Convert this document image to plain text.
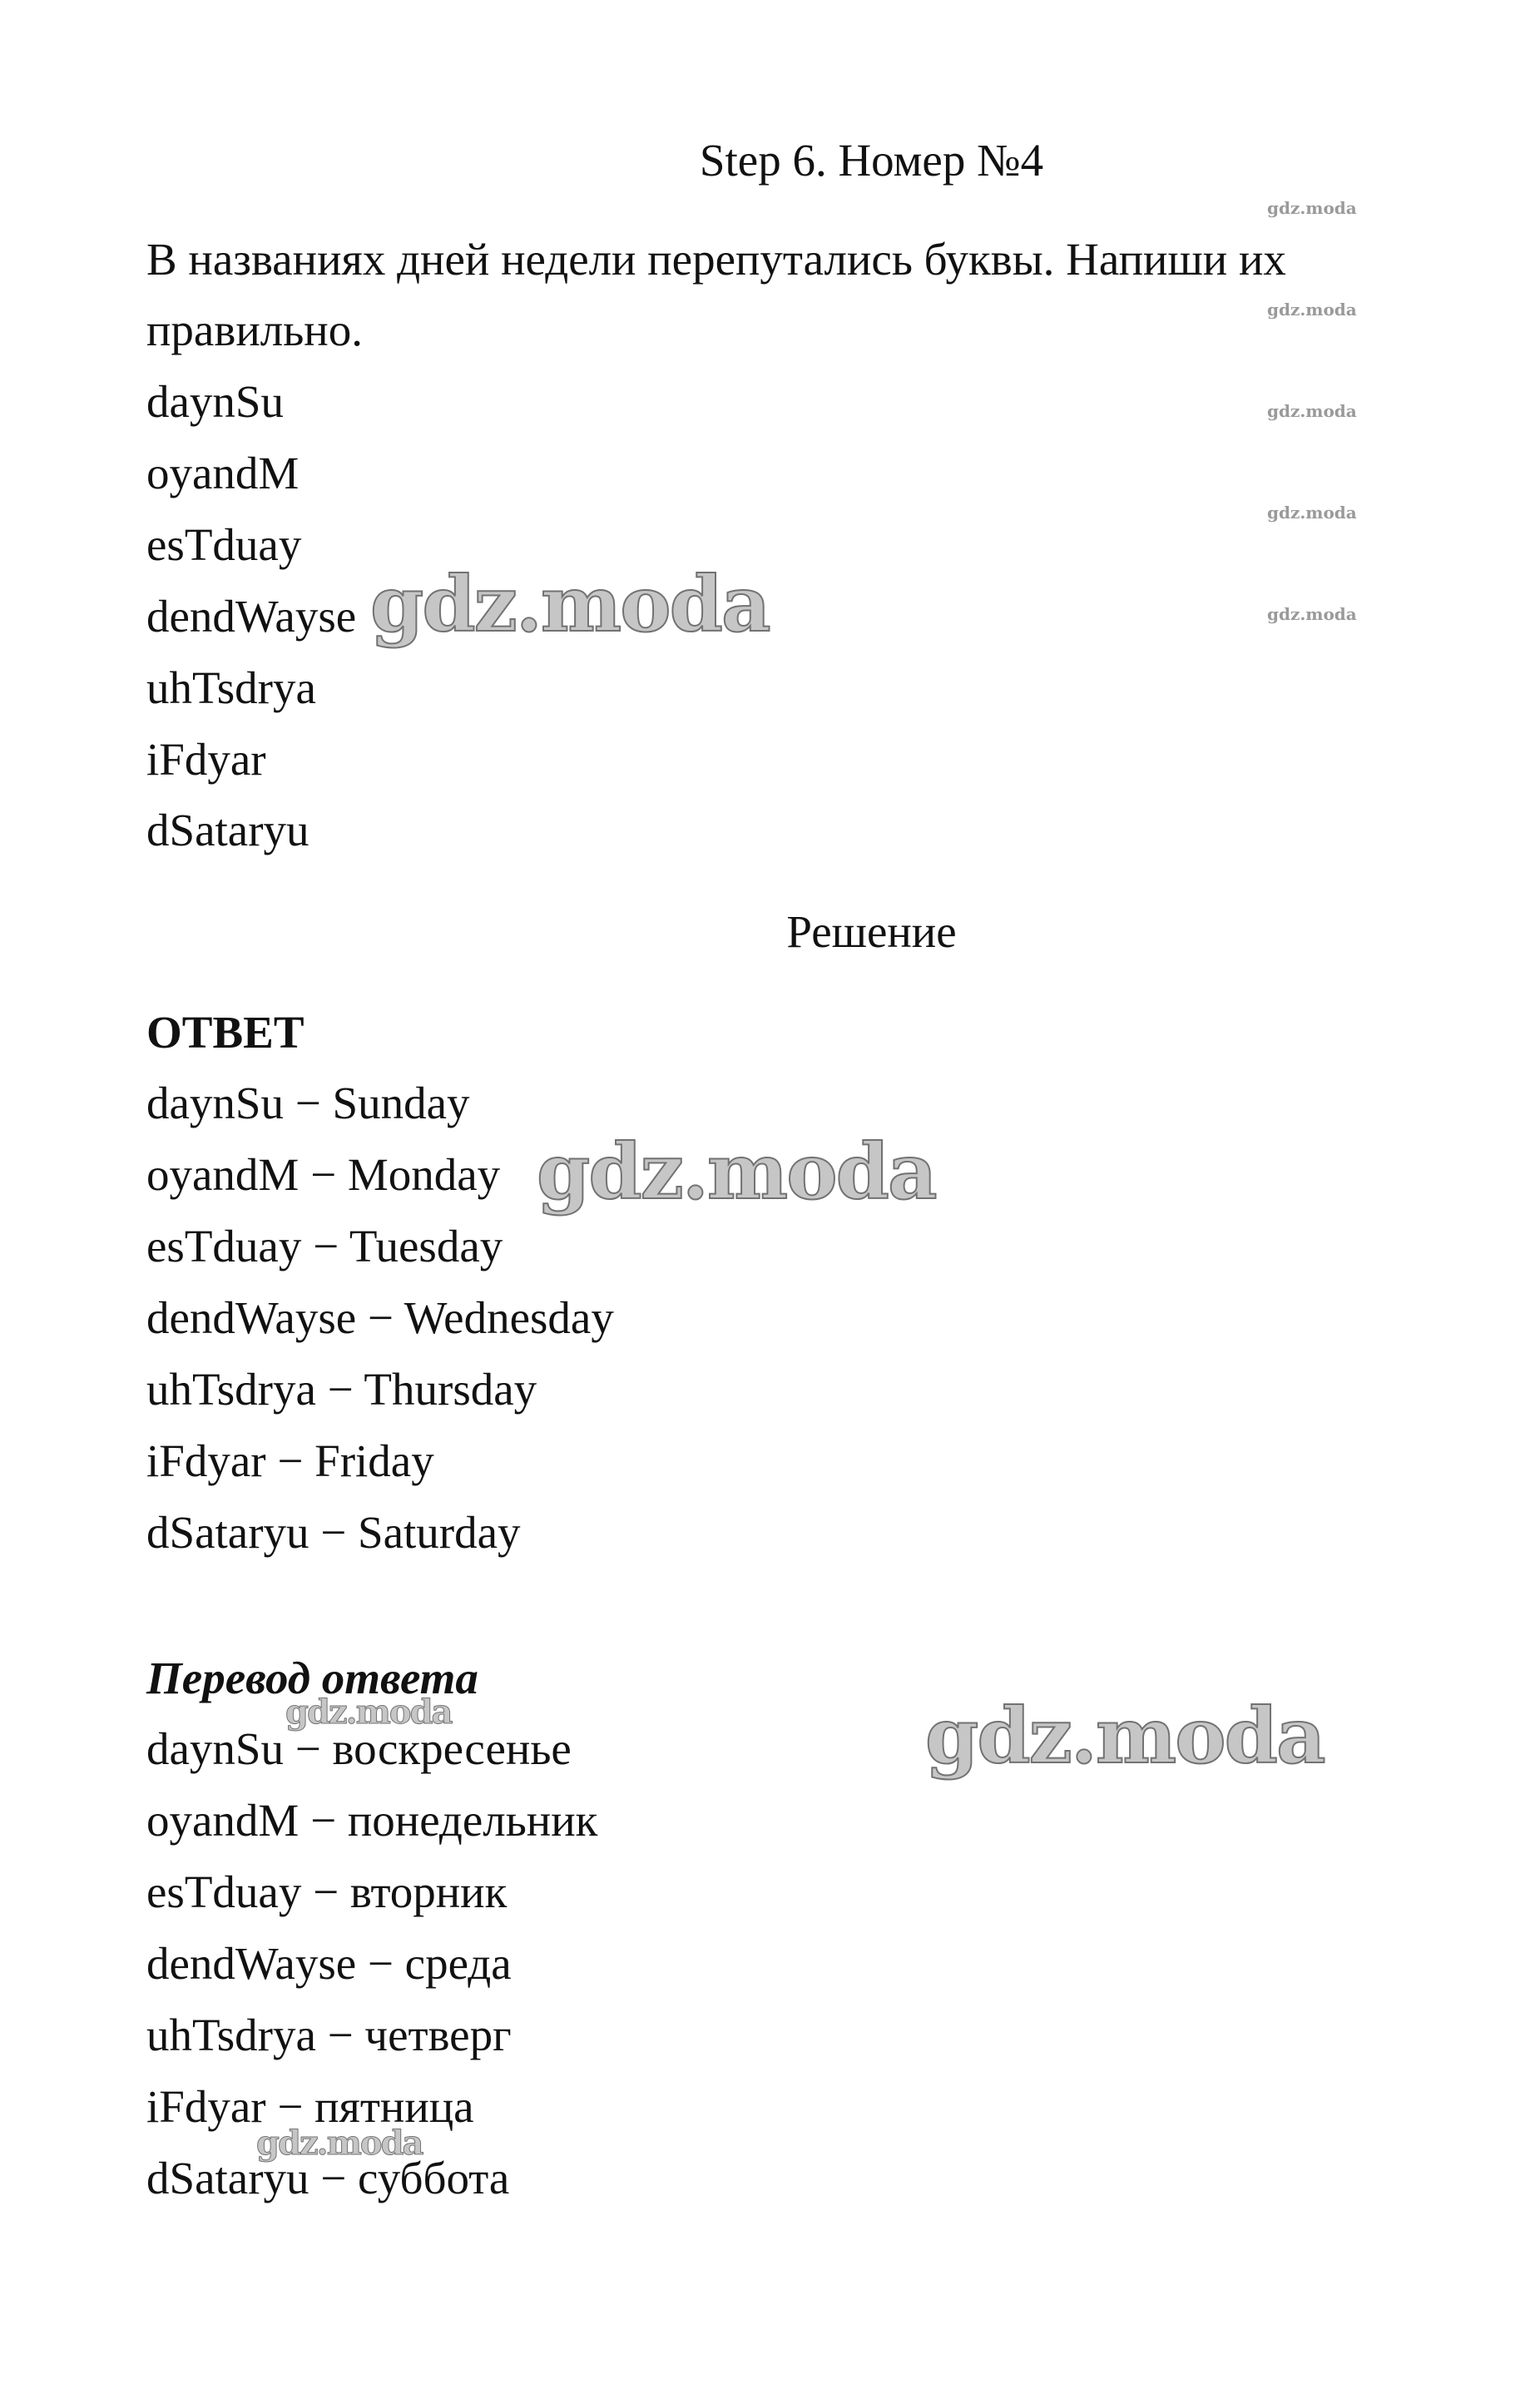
Step 6. Номер №4
В названиях дней недели перепутались буквы. Напиши их
правильно.
daynSu
oyandM
esTduay
dendWayse
uhTsdrya
iFdyar
dSataryu
Решение
ОТВЕТ
daynSu − Sunday
oyandM − Monday
esTduay − Tuesday
dendWayse − Wednesday
uhTsdrya − Thursday
iFdyar − Friday
dSataryu − Saturday
Перевод ответа
daynSu − воскресенье
oyandM − понедельник
esTduay − вторник
dendWayse − среда
uhTsdrya − четверг
iFdyar − пятница
dSataryu − суббота
gdz.moda
gdz.moda
gdz.moda
gdz.moda
gdz.moda
gdz.moda
gdz.moda
gdz.moda
gdz.moda
gdz.moda
